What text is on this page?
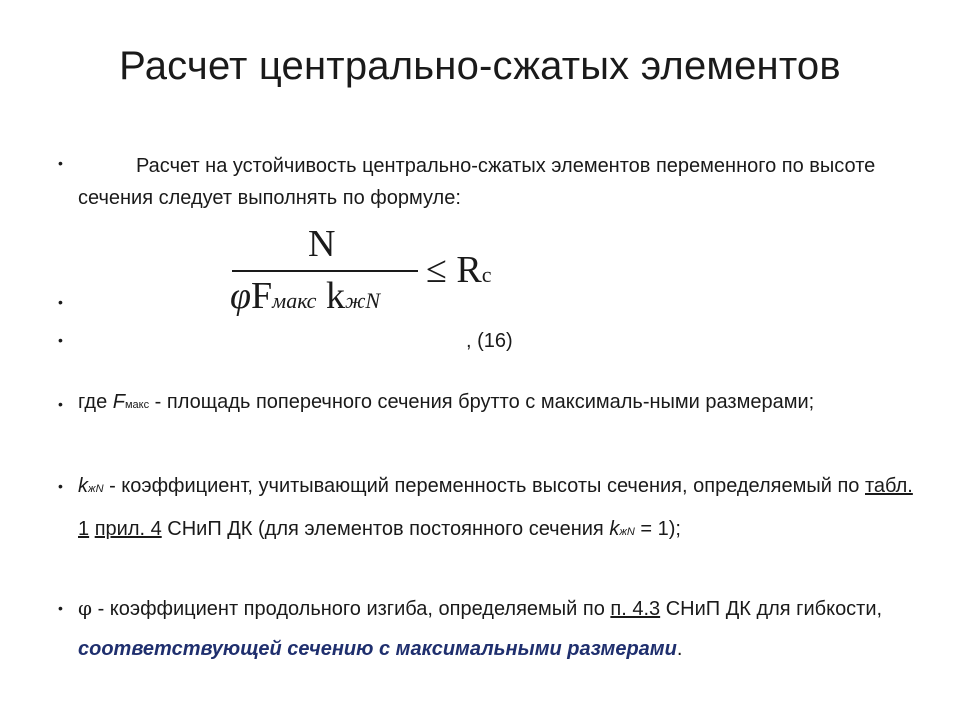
Расчет центрально-сжатых элементов
•	Расчет на устойчивость центрально-сжатых элементов переменного по высоте сечения следует выполнять по формуле:
N
φFмакс kжN
≤ Rc
•
•	, (16)
• где Fмакс - площадь поперечного сечения брутто с максималь-ными размерами;
• kжN - коэффициент, учитывающий переменность высоты сечения, определяемый по табл. 1 прил. 4 СНиП ДК (для элементов постоянного сечения kжN = 1);
• φ - коэффициент продольного изгиба, определяемый по п. 4.3 СНиП ДК для гибкости, соответствующей сечению с максимальными размерами.
